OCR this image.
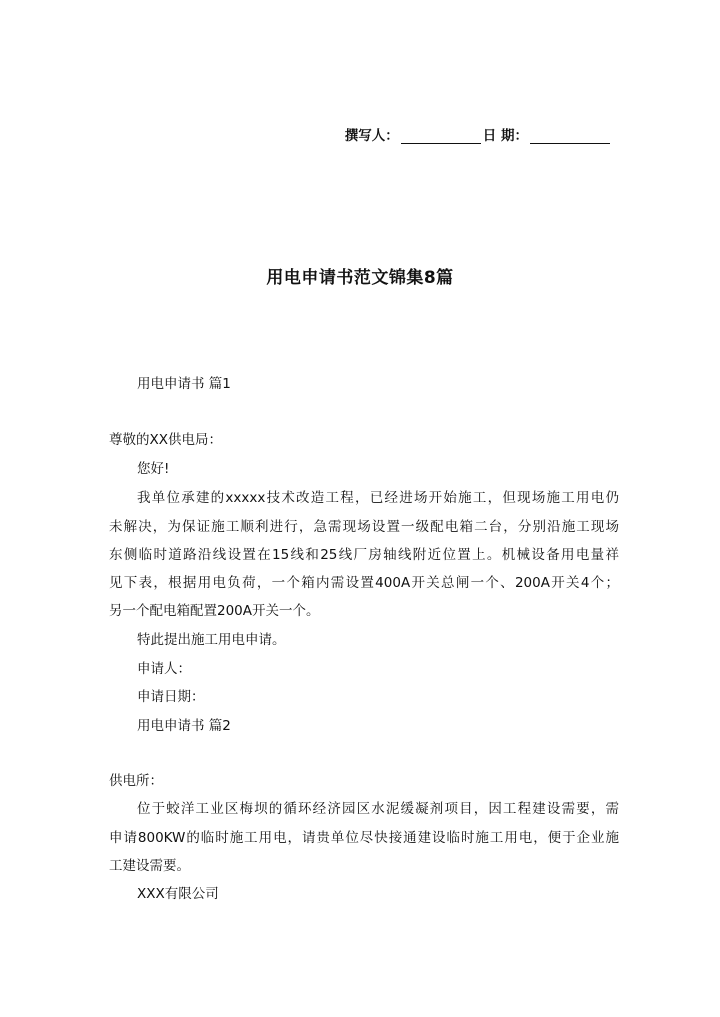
撰写人：	日 期：
用电申请书范文锦集8篇
用电申请书 篇1
尊敬的XX供电局：
您好!
我单位承建的xxxxx技术改造工程，已经进场开始施工，但现场施工用电仍
未解决，为保证施工顺利进行，急需现场设置一级配电箱二台，分别沿施工现场
东侧临时道路沿线设置在15线和25线厂房轴线附近位置上。机械设备用电量祥
见下表，根据用电负荷，一个箱内需设置400A开关总闸一个、200A开关4个；
另一个配电箱配置200A开关一个。
特此提出施工用电申请。
申请人：
申请日期：
用电申请书 篇2
供电所：
位于蛟洋工业区梅坝的循环经济园区水泥缓凝剂项目，因工程建设需要，需
申请800KW的临时施工用电，请贵单位尽快接通建设临时施工用电，便于企业施
工建设需要。
XXX有限公司
